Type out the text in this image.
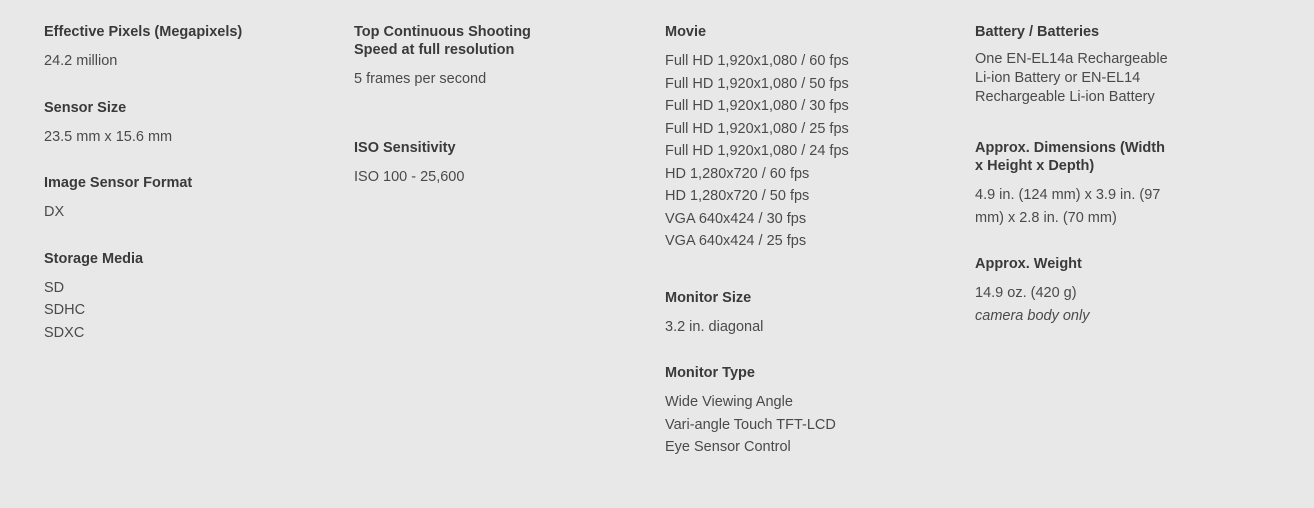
Effective Pixels (Megapixels)
24.2 million
Sensor Size
23.5 mm x 15.6 mm
Image Sensor Format
DX
Storage Media
SD
SDHC
SDXC
Top Continuous Shooting Speed at full resolution
5 frames per second
ISO Sensitivity
ISO 100 - 25,600
Movie
Full HD 1,920x1,080 / 60 fps
Full HD 1,920x1,080 / 50 fps
Full HD 1,920x1,080 / 30 fps
Full HD 1,920x1,080 / 25 fps
Full HD 1,920x1,080 / 24 fps
HD 1,280x720 / 60 fps
HD 1,280x720 / 50 fps
VGA 640x424 / 30 fps
VGA 640x424 / 25 fps
Monitor Size
3.2 in. diagonal
Monitor Type
Wide Viewing Angle
Vari-angle Touch TFT-LCD
Eye Sensor Control
Battery / Batteries
One EN-EL14a Rechargeable Li-ion Battery or EN-EL14 Rechargeable Li-ion Battery
Approx. Dimensions (Width x Height x Depth)
4.9 in. (124 mm) x 3.9 in. (97 mm) x 2.8 in. (70 mm)
Approx. Weight
14.9 oz. (420 g)
camera body only
